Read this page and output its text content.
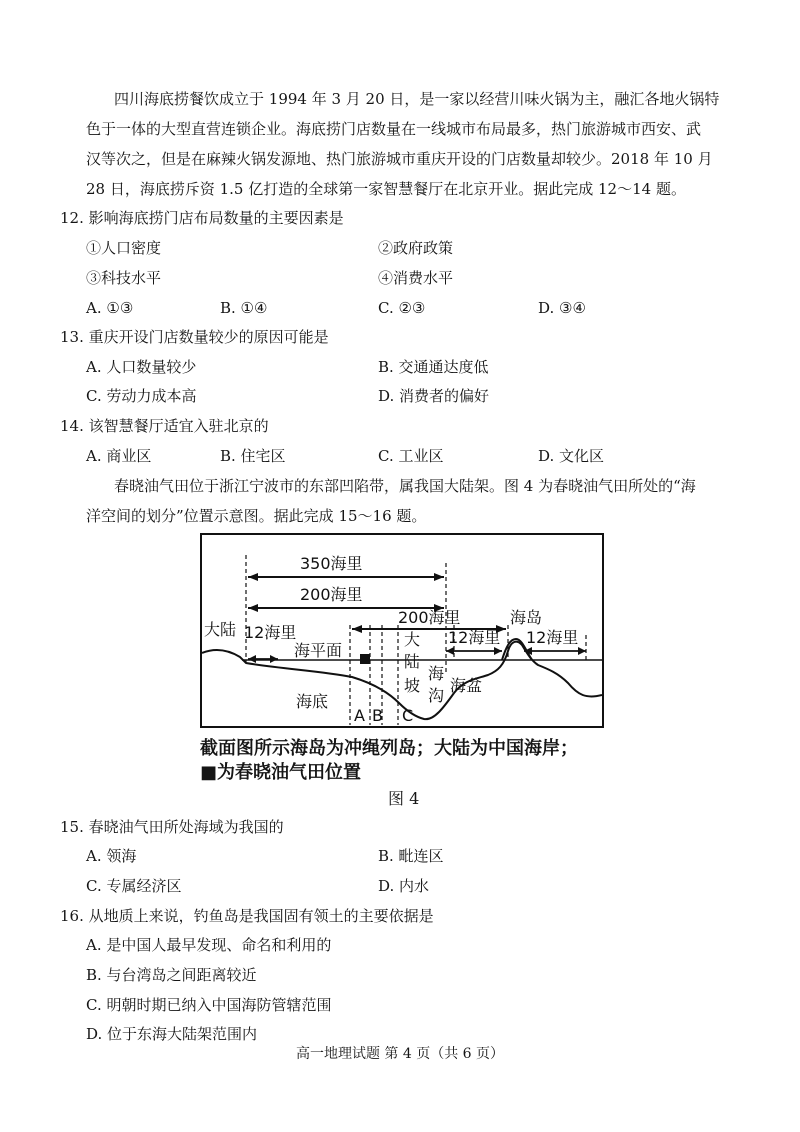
四川海底捞餐饮成立于 1994 年 3 月 20 日，是一家以经营川味火锅为主，融汇各地火锅特
色于一体的大型直营连锁企业。海底捞门店数量在一线城市布局最多，热门旅游城市西安、武
汉等次之，但是在麻辣火锅发源地、热门旅游城市重庆开设的门店数量却较少。2018 年 10 月
28 日，海底捞斥资 1.5 亿打造的全球第一家智慧餐厅在北京开业。据此完成 12～14 题。
12. 影响海底捞门店布局数量的主要因素是
①人口密度	②政府政策
③科技水平	④消费水平
A. ①③	B. ①④	C. ②③	D. ③④
13. 重庆开设门店数量较少的原因可能是
A. 人口数量较少	B. 交通通达度低
C. 劳动力成本高	D. 消费者的偏好
14. 该智慧餐厅适宜入驻北京的
A. 商业区	B. 住宅区	C. 工业区	D. 文化区
春晓油气田位于浙江宁波市的东部凹陷带，属我国大陆架。图 4 为春晓油气田所处的“海
洋空间的划分”位置示意图。据此完成 15～16 题。
350海里
200海里
200海里
12海里	12海里 12海里
大陆
海岛
海平面
海底
大
陆
坡
海
沟
海盆
A B C
截面图所示海岛为冲绳列岛；大陆为中国海岸；
■为春晓油气田位置
图 4
15. 春晓油气田所处海域为我国的
A. 领海	B. 毗连区
C. 专属经济区	D. 内水
16. 从地质上来说，钓鱼岛是我国固有领土的主要依据是
A. 是中国人最早发现、命名和利用的
B. 与台湾岛之间距离较近
C. 明朝时期已纳入中国海防管辖范围
D. 位于东海大陆架范围内
高一地理试题 第 4 页（共 6 页）
